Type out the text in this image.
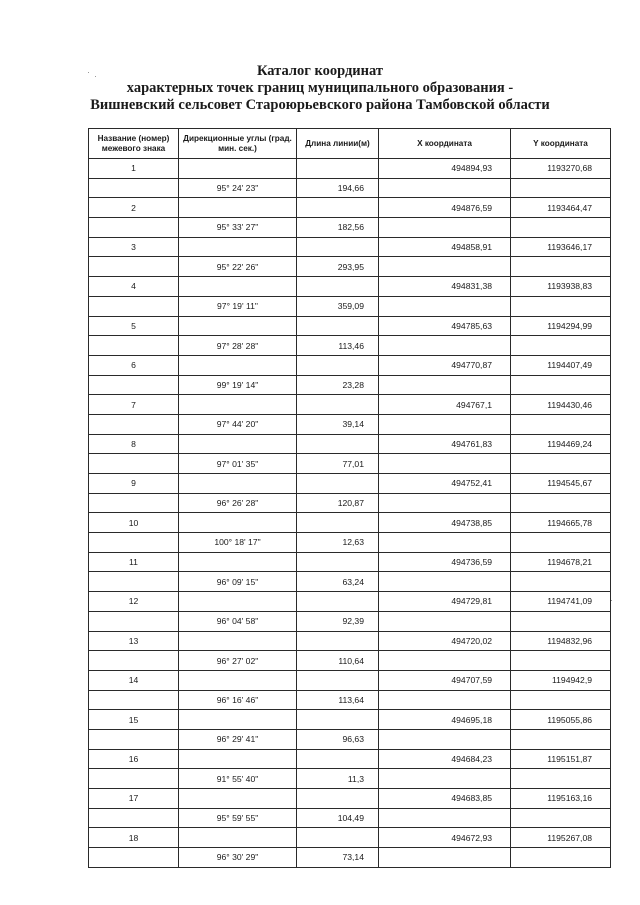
Каталог координат
характерных точек границ муниципального образования -
Вишневский сельсовет Староюрьевского района Тамбовской области
Название (номер) межевого знака	Дирекционные углы (град. мин. сек.)	Длина линии(м)	X координата	Y координата
1			494894,93	1193270,68
	95° 24' 23"	194,66		
2			494876,59	1193464,47
	95° 33' 27"	182,56		
3			494858,91	1193646,17
	95° 22' 26"	293,95		
4			494831,38	1193938,83
	97° 19' 11"	359,09		
5			494785,63	1194294,99
	97° 28' 28"	113,46		
6			494770,87	1194407,49
	99° 19' 14"	23,28		
7			494767,1	1194430,46
	97° 44' 20"	39,14		
8			494761,83	1194469,24
	97° 01' 35"	77,01		
9			494752,41	1194545,67
	96° 26' 28"	120,87		
10			494738,85	1194665,78
	100° 18' 17"	12,63		
11			494736,59	1194678,21
	96° 09' 15"	63,24		
12			494729,81	1194741,09
	96° 04' 58"	92,39		
13			494720,02	1194832,96
	96° 27' 02"	110,64		
14			494707,59	1194942,9
	96° 16' 46"	113,64		
15			494695,18	1195055,86
	96° 29' 41"	96,63		
16			494684,23	1195151,87
	91° 55' 40"	11,3		
17			494683,85	1195163,16
	95° 59' 55"	104,49		
18			494672,93	1195267,08
	96° 30' 29"	73,14		
